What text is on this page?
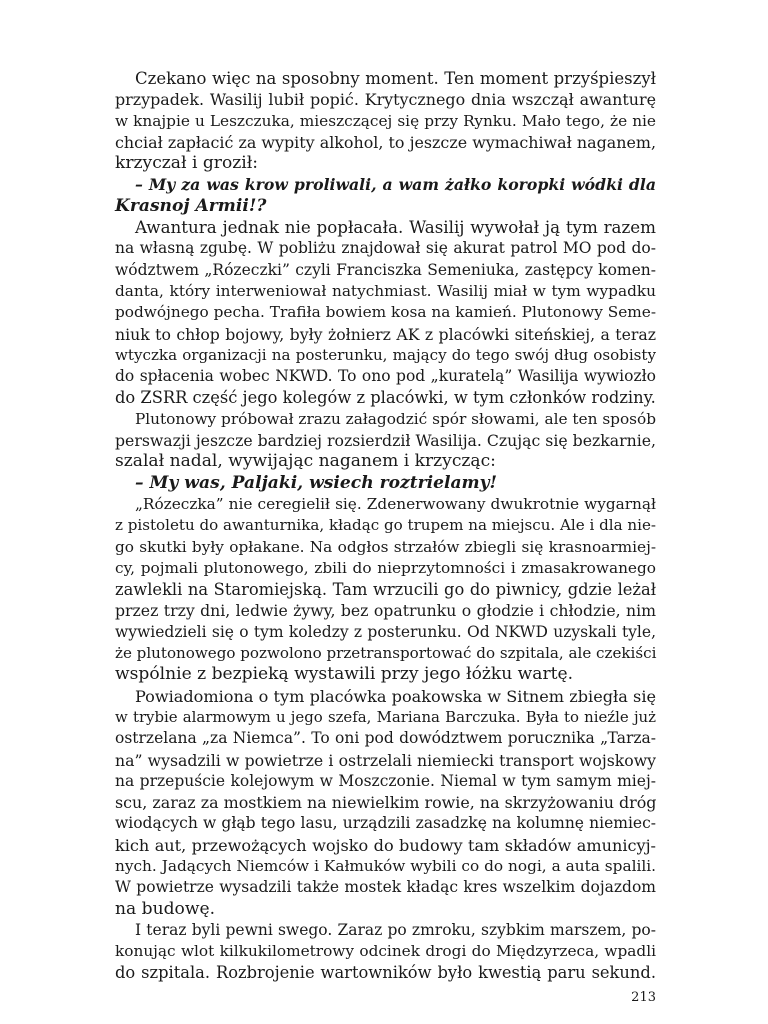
Czekano więc na sposobny moment. Ten moment przyśpieszył
przypadek. Wasilij lubił popić. Krytycznego dnia wszczął awanturę
w knajpie u Leszczuka, mieszczącej się przy Rynku. Mało tego, że nie
chciał zapłacić za wypity alkohol, to jeszcze wymachiwał naganem,
krzyczał i groził:
– My za was krow proliwali, a wam żałko koropki wódki dla
Krasnoj Armii!?
Awantura jednak nie popłacała. Wasilij wywołał ją tym razem
na własną zgubę. W pobliżu znajdował się akurat patrol MO pod do-
wództwem „Rózeczki” czyli Franciszka Semeniuka, zastępcy komen-
danta, który interweniował natychmiast. Wasilij miał w tym wypadku
podwójnego pecha. Trafiła bowiem kosa na kamień. Plutonowy Seme-
niuk to chłop bojowy, były żołnierz AK z placówki siteńskiej, a teraz
wtyczka organizacji na posterunku, mający do tego swój dług osobisty
do spłacenia wobec NKWD. To ono pod „kuratelą” Wasilija wywiozło
do ZSRR część jego kolegów z placówki, w tym członków rodziny.
Plutonowy próbował zrazu załagodzić spór słowami, ale ten sposób
perswazji jeszcze bardziej rozsierdził Wasilija. Czując się bezkarnie,
szalał nadal, wywijając naganem i krzycząc:
– My was, Paljaki, wsiech roztrielamy!
„Rózeczka” nie ceregielił się. Zdenerwowany dwukrotnie wygarnął
z pistoletu do awanturnika, kładąc go trupem na miejscu. Ale i dla nie-
go skutki były opłakane. Na odgłos strzałów zbiegli się krasnoarmiej-
cy, pojmali plutonowego, zbili do nieprzytomności i zmasakrowanego
zawlekli na Staromiejską. Tam wrzucili go do piwnicy, gdzie leżał
przez trzy dni, ledwie żywy, bez opatrunku o głodzie i chłodzie, nim
wywiedzieli się o tym koledzy z posterunku. Od NKWD uzyskali tyle,
że plutonowego pozwolono przetransportować do szpitala, ale czekiści
wspólnie z bezpieką wystawili przy jego łóżku wartę.
Powiadomiona o tym placówka poakowska w Sitnem zbiegła się
w trybie alarmowym u jego szefa, Mariana Barczuka. Była to nieźle już
ostrzelana „za Niemca”. To oni pod dowództwem porucznika „Tarza-
na” wysadzili w powietrze i ostrzelali niemiecki transport wojskowy
na przepuście kolejowym w Moszczonie. Niemal w tym samym miej-
scu, zaraz za mostkiem na niewielkim rowie, na skrzyżowaniu dróg
wiodących w głąb tego lasu, urządzili zasadzkę na kolumnę niemiec-
kich aut, przewożących wojsko do budowy tam składów amunicyj-
nych. Jadących Niemców i Kałmuków wybili co do nogi, a auta spalili.
W powietrze wysadzili także mostek kładąc kres wszelkim dojazdom
na budowę.
I teraz byli pewni swego. Zaraz po zmroku, szybkim marszem, po-
konując wlot kilkukilometrowy odcinek drogi do Międzyrzeca, wpadli
do szpitala. Rozbrojenie wartowników było kwestią paru sekund.
213
